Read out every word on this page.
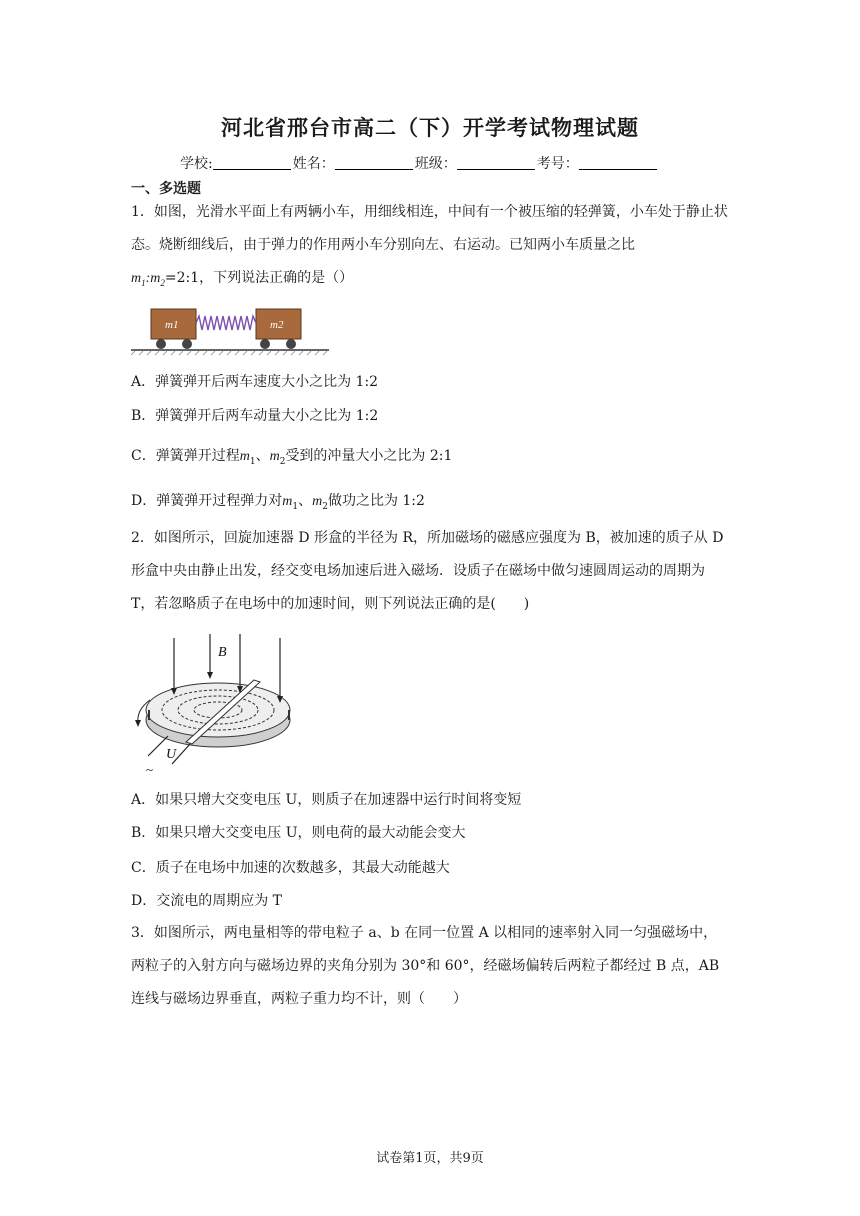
河北省邢台市高二（下）开学考试物理试题
学校:	姓名：	班级：	考号：
一、多选题
1．如图，光滑水平面上有两辆小车，用细线相连，中间有一个被压缩的轻弹簧，小车处于静止状态。烧断细线后，由于弹力的作用两小车分别向左、右运动。已知两小车质量之比
$m_1:m_2=2:1$，下列说法正确的是（）
m1	m2
A．弹簧弹开后两车速度大小之比为 1:2
B．弹簧弹开后两车动量大小之比为 1:2
C．弹簧弹开过程$m_1$、$m_2$受到的冲量大小之比为 2:1
D．弹簧弹开过程弹力对$m_1$、$m_2$做功之比为 1:2
2．如图所示，回旋加速器 D 形盒的半径为 R，所加磁场的磁感应强度为 B，被加速的质子从 D 形盒中央由静止出发，经交变电场加速后进入磁场．设质子在磁场中做匀速圆周运动的周期为 T，若忽略质子在电场中的加速时间，则下列说法正确的是(　　)
B
U
~
A．如果只增大交变电压 U，则质子在加速器中运行时间将变短
B．如果只增大交变电压 U，则电荷的最大动能会变大
C．质子在电场中加速的次数越多，其最大动能越大
D．交流电的周期应为 T
3．如图所示，两电量相等的带电粒子 a、b 在同一位置 A 以相同的速率射入同一匀强磁场中，两粒子的入射方向与磁场边界的夹角分别为 30°和 60°，经磁场偏转后两粒子都经过 B 点，AB 连线与磁场边界垂直，两粒子重力均不计，则（　　）
试卷第1页，共9页
